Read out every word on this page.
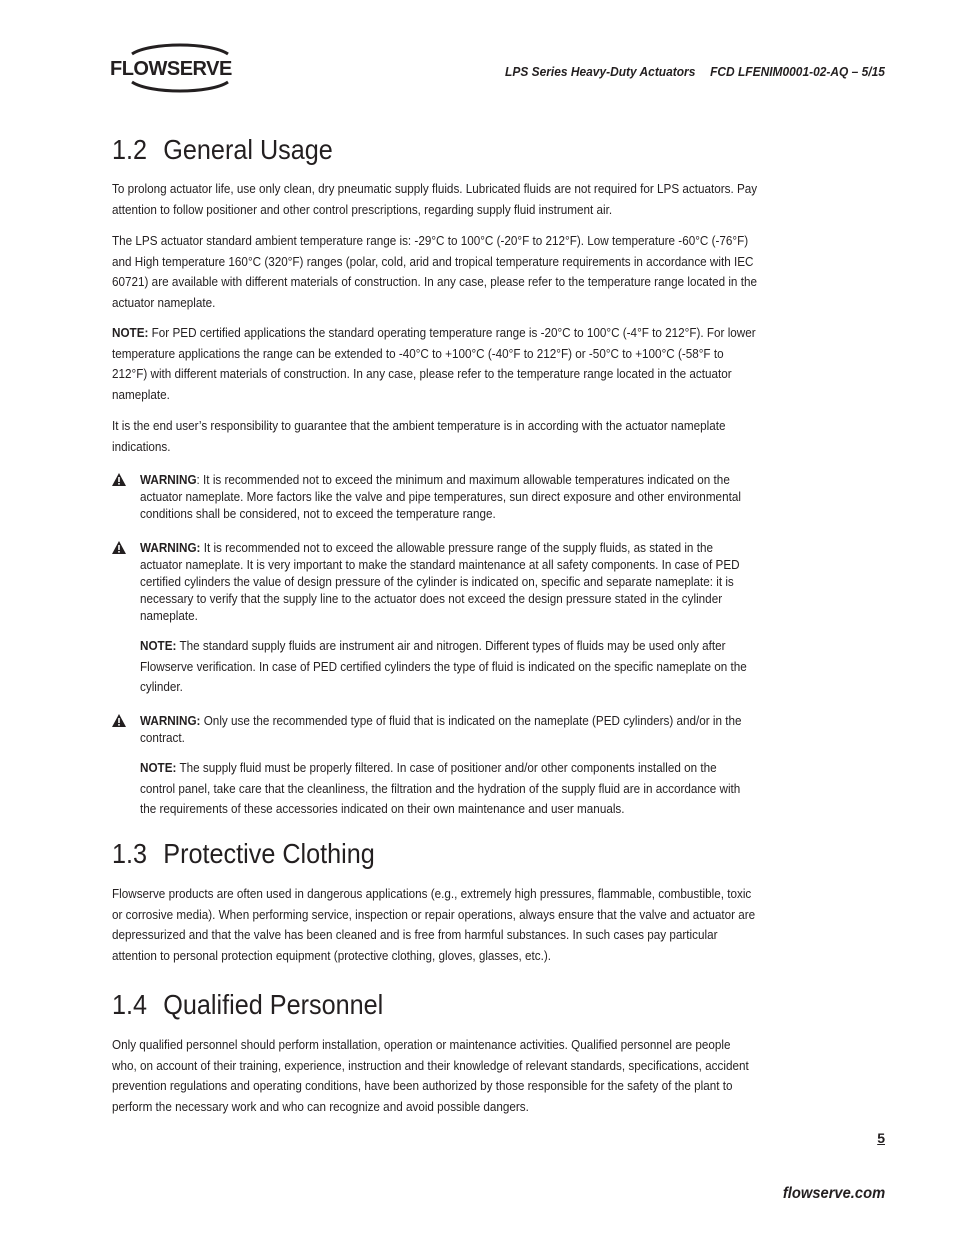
FLOWSERVE	LPS Series Heavy-Duty Actuators FCD LFENIM0001-02-AQ – 5/15
1.2 General Usage

To prolong actuator life, use only clean, dry pneumatic supply fluids. Lubricated fluids are not required for LPS actuators. Pay attention to follow positioner and other control prescriptions, regarding supply fluid instrument air.

The LPS actuator standard ambient temperature range is: -29°C to 100°C (-20°F to 212°F). Low temperature -60°C (-76°F) and High temperature 160°C (320°F) ranges (polar, cold, arid and tropical temperature requirements in accordance with IEC 60721) are available with different materials of construction. In any case, please refer to the temperature range located in the actuator nameplate.

NOTE: For PED certified applications the standard operating temperature range is -20°C to 100°C (-4°F to 212°F). For lower temperature applications the range can be extended to -40°C to +100°C (-40°F to 212°F) or -50°C to +100°C (-58°F to 212°F) with different materials of construction. In any case, please refer to the temperature range located in the actuator nameplate.

It is the end user’s responsibility to guarantee that the ambient temperature is in according with the actuator nameplate indications.

WARNING: It is recommended not to exceed the minimum and maximum allowable temperatures indicated on the actuator nameplate. More factors like the valve and pipe temperatures, sun direct exposure and other environmental conditions shall be considered, not to exceed the temperature range.

WARNING: It is recommended not to exceed the allowable pressure range of the supply fluids, as stated in the actuator nameplate. It is very important to make the standard maintenance at all safety components. In case of PED certified cylinders the value of design pressure of the cylinder is indicated on, specific and separate nameplate: it is necessary to verify that the supply line to the actuator does not exceed the design pressure stated in the cylinder nameplate.

NOTE: The standard supply fluids are instrument air and nitrogen. Different types of fluids may be used only after Flowserve verification. In case of PED certified cylinders the type of fluid is indicated on the specific nameplate on the cylinder.

WARNING: Only use the recommended type of fluid that is indicated on the nameplate (PED cylinders) and/or in the contract.

NOTE: The supply fluid must be properly filtered. In case of positioner and/or other components installed on the control panel, take care that the cleanliness, the filtration and the hydration of the supply fluid are in accordance with the requirements of these accessories indicated on their own maintenance and user manuals.

1.3 Protective Clothing

Flowserve products are often used in dangerous applications (e.g., extremely high pressures, flammable, combustible, toxic or corrosive media). When performing service, inspection or repair operations, always ensure that the valve and actuator are depressurized and that the valve has been cleaned and is free from harmful substances. In such cases pay particular attention to personal protection equipment (protective clothing, gloves, glasses, etc.).

1.4 Qualified Personnel

Only qualified personnel should perform installation, operation or maintenance activities. Qualified personnel are people who, on account of their training, experience, instruction and their knowledge of relevant standards, specifications, accident prevention regulations and operating conditions, have been authorized by those responsible for the safety of the plant to perform the necessary work and who can recognize and avoid possible dangers.

5
flowserve.com
